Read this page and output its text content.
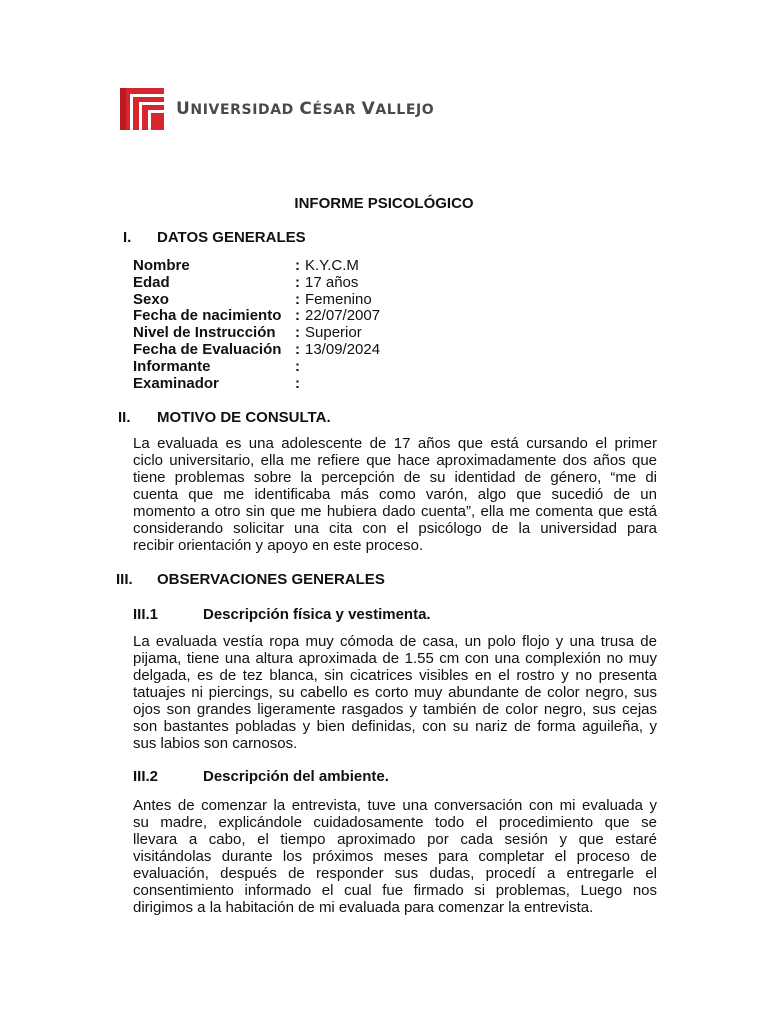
UNIVERSIDAD CÉSAR VALLEJO
INFORME PSICOLÓGICO
I. DATOS GENERALES
Nombre	: K.Y.C.M
Edad	: 17 años
Sexo	: Femenino
Fecha de nacimiento : 22/07/2007
Nivel de Instrucción	: Superior
Fecha de Evaluación : 13/09/2024
Informante	:
Examinador	:
II. MOTIVO DE CONSULTA.
La evaluada es una adolescente de 17 años que está cursando el primer
ciclo universitario, ella me refiere que hace aproximadamente dos años que
tiene problemas sobre la percepción de su identidad de género, “me di
cuenta que me identificaba más como varón, algo que sucedió de un
momento a otro sin que me hubiera dado cuenta”, ella me comenta que está
considerando solicitar una cita con el psicólogo de la universidad para
recibir orientación y apoyo en este proceso.
III. OBSERVACIONES GENERALES
III.1	Descripción física y vestimenta.
La evaluada vestía ropa muy cómoda de casa, un polo flojo y una trusa de
pijama, tiene una altura aproximada de 1.55 cm con una complexión no muy
delgada, es de tez blanca, sin cicatrices visibles en el rostro y no presenta
tatuajes ni piercings, su cabello es corto muy abundante de color negro, sus
ojos son grandes ligeramente rasgados y también de color negro, sus cejas
son bastantes pobladas y bien definidas, con su nariz de forma aguileña, y
sus labios son carnosos.
III.2	Descripción del ambiente.
Antes de comenzar la entrevista, tuve una conversación con mi evaluada y
su madre, explicándole cuidadosamente todo el procedimiento que se
llevara a cabo, el tiempo aproximado por cada sesión y que estaré
visitándolas durante los próximos meses para completar el proceso de
evaluación, después de responder sus dudas, procedí a entregarle el
consentimiento informado el cual fue firmado si problemas, Luego nos
dirigimos a la habitación de mi evaluada para comenzar la entrevista.
